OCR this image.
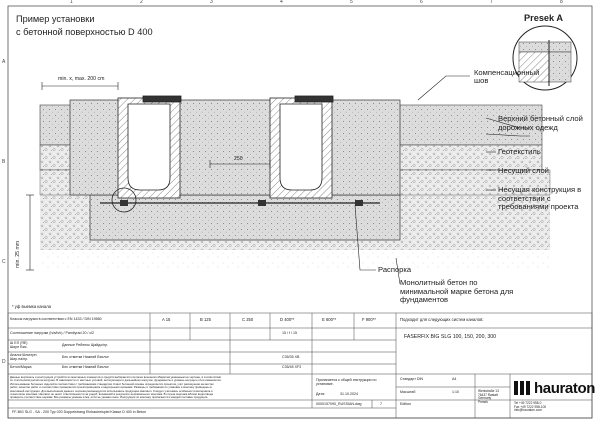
A
B
C
D
1	2	3	4	5	6	7	8
Пример установки
с бетонной поверхностью D 400
Presek A
min. x, max. 200 cm
250
min. 25 mm
Компенсационный шов
Верхний бетонный слой дорожных одежд
Геотекстиль
Несущий слой
Несущая конструкция в соответствии с требованиями проекта
Распорка
Монолитный бетон по минимальной марке бетона для фундаментов
* уф выемка канала
Классы нагрузки в соответствии с EN 1433 / DIN 19580	A 15	B 125	C 250	D 400**	E 600**	F 900**
Соотношение нагрузки (h/a/b/c) / Pamilyrad 20 / cl2	15 / f / 15
Ш ЕЛ (ЯЕ)
Шире Вис.	Данные Ребенок Щайдо/пр.
Аналог/Альтерн.
Шир.на/пр.	Бес отметки Нижний Вислог	C35/35 XB
Бетон/Марка	Бес отметки Нижний Вислог	C35/45 XF3
Данные вертикаль и конструкция устройств из монтажных элементов и средств выбираются согласно внешним габаритам указанным на чертеже, в соответствии
со статическим расчётом нагрузки. В зависимости от местных условий, эксплуатации и дальнейших нагрузок, фундаменты и уровень несущего слоя изменяются.
Использование бетонных изделий в соответствии с требованиями стандартов. Класс бетонной основы определяется проектом, учёт расширения на местах
работ, качество работ и соответствие проверяется проектировщиком и надзорными органами. Размеры и требования по упаковке и монтажу приведены в
монтажной инструкции. Для выполнения данного чертежа рекомендуется использовать продукцию Hauraton. Следует учитывать особенности материала и
технологию монтажа. Hauraton не несёт ответственности за ущерб, возникший в результате неправильного монтажа. В случае монтажа вблизи водоотвода
проверить соответствие нормам. Все размеры указаны в мм, если не указано иное. Инструкции по монтажу прилагаются к каждой поставке продукции.
Подходит для следующих систем каналов:
FASERFIX BIG SLG 100, 150, 200, 300
Стандарт DIN	A4
Масштаб	1:10
Edition
Прилагается к общей инструкции по установке.
Дата:	31.10.2024
0000157090_RUSSIAN.dwg	7
FF-BIG SLG - SA - 200 Typ 020 Doppelstrang Einbaubeispiel Klasse D 400 in Beton
hauraton
Werkstraße 13
76437 Rastatt
Germany
Presek	Tel +49 7222 958-0
Fax +49 7222 958-100
info@hauraton.com
